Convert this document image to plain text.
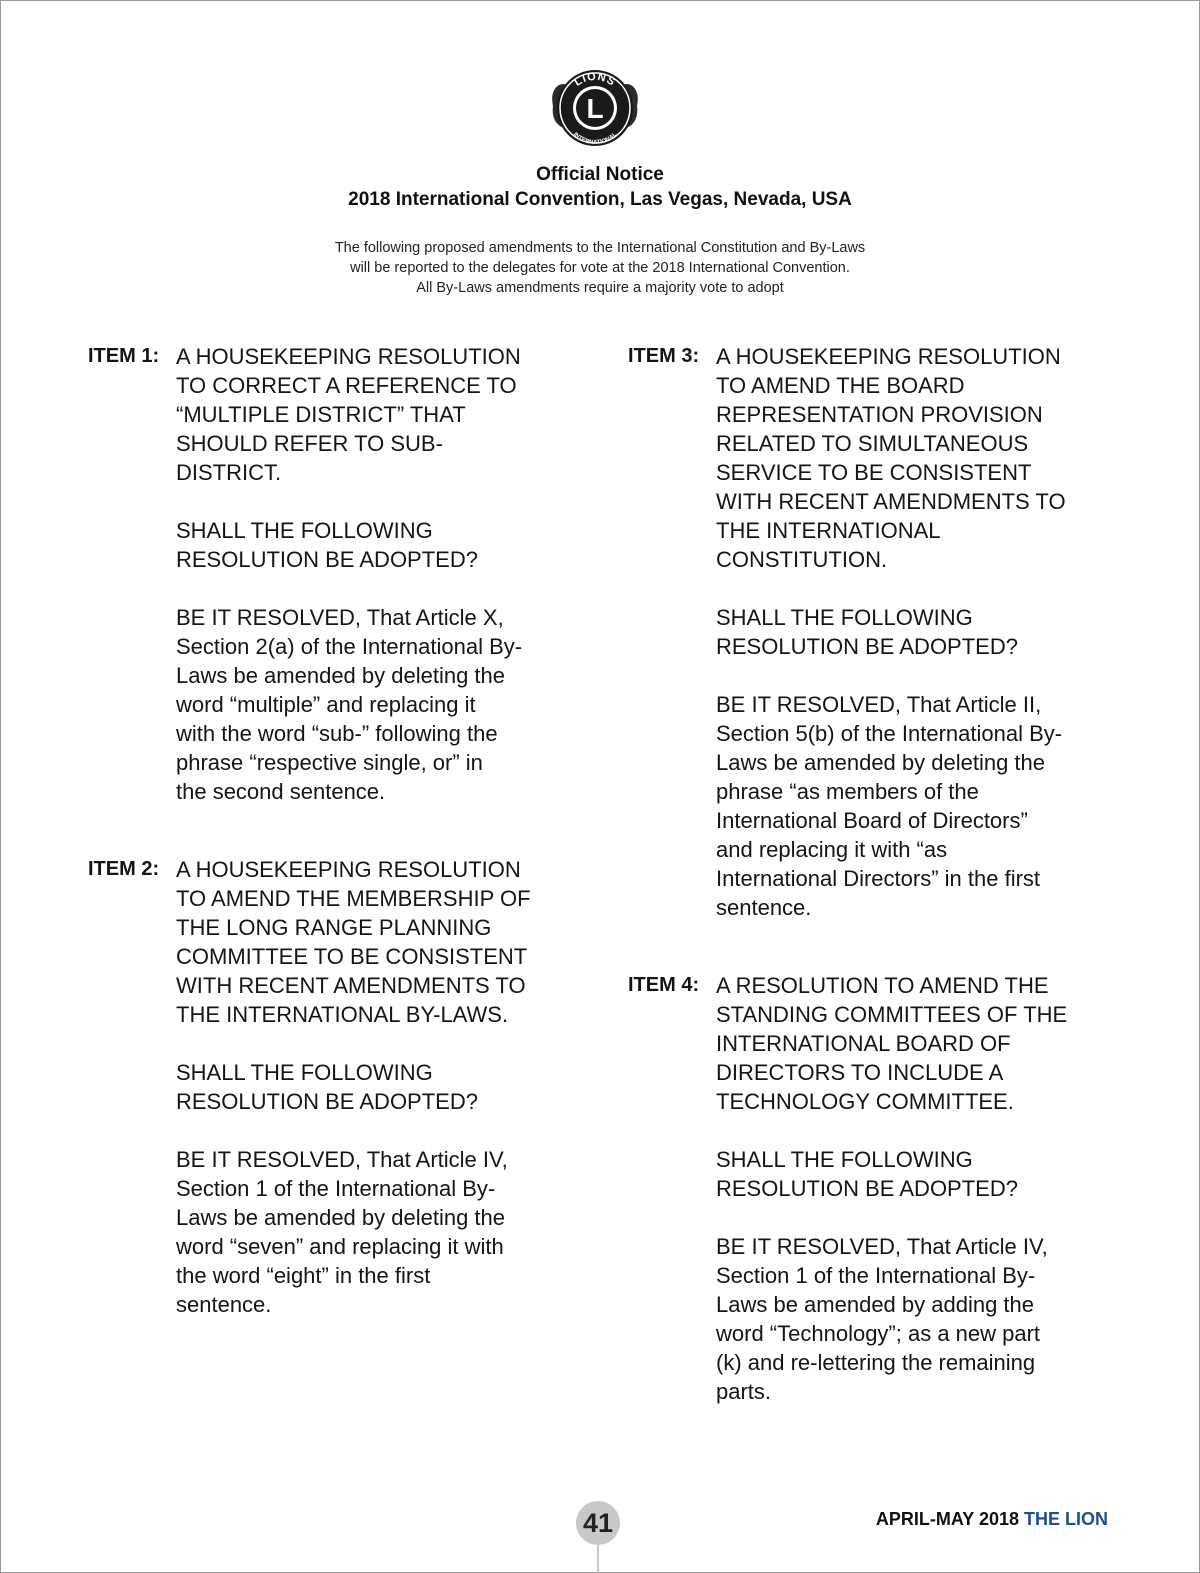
L
LIONS
INTERNATIONAL
Official Notice
2018 International Convention, Las Vegas, Nevada, USA
The following proposed amendments to the International Constitution and By-Laws
will be reported to the delegates for vote at the 2018 International Convention.
All By-Laws amendments require a majority vote to adopt
ITEM 1: A HOUSEKEEPING RESOLUTION
TO CORRECT A REFERENCE TO
“MULTIPLE DISTRICT” THAT
SHOULD REFER TO SUB-
DISTRICT.
SHALL THE FOLLOWING
RESOLUTION BE ADOPTED?
BE IT RESOLVED, That Article X,
Section 2(a) of the International By-
Laws be amended by deleting the
word “multiple” and replacing it
with the word “sub-” following the
phrase “respective single, or” in
the second sentence.
ITEM 2: A HOUSEKEEPING RESOLUTION
TO AMEND THE MEMBERSHIP OF
THE LONG RANGE PLANNING
COMMITTEE TO BE CONSISTENT
WITH RECENT AMENDMENTS TO
THE INTERNATIONAL BY-LAWS.
SHALL THE FOLLOWING
RESOLUTION BE ADOPTED?
BE IT RESOLVED, That Article IV,
Section 1 of the International By-
Laws be amended by deleting the
word “seven” and replacing it with
the word “eight” in the first
sentence.
ITEM 3: A HOUSEKEEPING RESOLUTION
TO AMEND THE BOARD
REPRESENTATION PROVISION
RELATED TO SIMULTANEOUS
SERVICE TO BE CONSISTENT
WITH RECENT AMENDMENTS TO
THE INTERNATIONAL
CONSTITUTION.
SHALL THE FOLLOWING
RESOLUTION BE ADOPTED?
BE IT RESOLVED, That Article II,
Section 5(b) of the International By-
Laws be amended by deleting the
phrase “as members of the
International Board of Directors”
and replacing it with “as
International Directors” in the first
sentence.
ITEM 4: A RESOLUTION TO AMEND THE
STANDING COMMITTEES OF THE
INTERNATIONAL BOARD OF
DIRECTORS TO INCLUDE A
TECHNOLOGY COMMITTEE.
SHALL THE FOLLOWING
RESOLUTION BE ADOPTED?
BE IT RESOLVED, That Article IV,
Section 1 of the International By-
Laws be amended by adding the
word “Technology”; as a new part
(k) and re-lettering the remaining
parts.
41	APRIL-MAY 2018 THE LION
